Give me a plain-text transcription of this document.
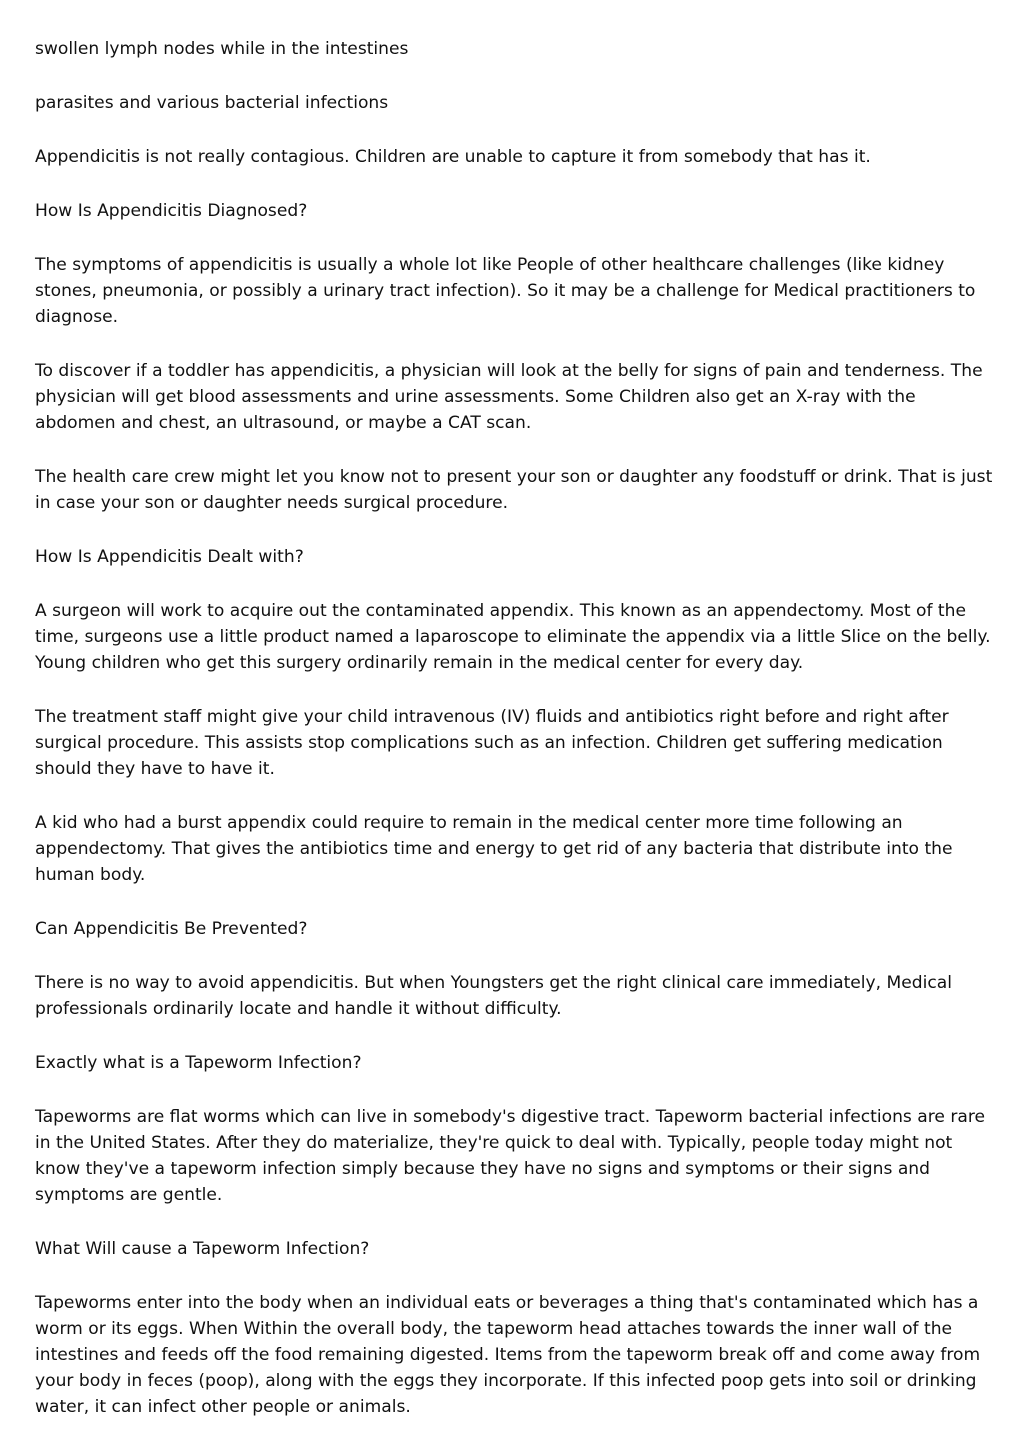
swollen lymph nodes while in the intestines

parasites and various bacterial infections

Appendicitis is not really contagious. Children are unable to capture it from somebody that has it.

How Is Appendicitis Diagnosed?

The symptoms of appendicitis is usually a whole lot like People of other healthcare challenges (like kidney stones, pneumonia, or possibly a urinary tract infection). So it may be a challenge for Medical practitioners to diagnose.

To discover if a toddler has appendicitis, a physician will look at the belly for signs of pain and tenderness. The physician will get blood assessments and urine assessments. Some Children also get an X-ray with the abdomen and chest, an ultrasound, or maybe a CAT scan.

The health care crew might let you know not to present your son or daughter any foodstuff or drink. That is just in case your son or daughter needs surgical procedure.

How Is Appendicitis Dealt with?

A surgeon will work to acquire out the contaminated appendix. This known as an appendectomy. Most of the time, surgeons use a little product named a laparoscope to eliminate the appendix via a little Slice on the belly. Young children who get this surgery ordinarily remain in the medical center for every day.

The treatment staff might give your child intravenous (IV) fluids and antibiotics right before and right after surgical procedure. This assists stop complications such as an infection. Children get suffering medication should they have to have it.

A kid who had a burst appendix could require to remain in the medical center more time following an appendectomy. That gives the antibiotics time and energy to get rid of any bacteria that distribute into the human body.

Can Appendicitis Be Prevented?

There is no way to avoid appendicitis. But when Youngsters get the right clinical care immediately, Medical professionals ordinarily locate and handle it without difficulty.

Exactly what is a Tapeworm Infection?

Tapeworms are flat worms which can live in somebody's digestive tract. Tapeworm bacterial infections are rare in the United States. After they do materialize, they're quick to deal with. Typically, people today might not know they've a tapeworm infection simply because they have no signs and symptoms or their signs and symptoms are gentle.

What Will cause a Tapeworm Infection?

Tapeworms enter into the body when an individual eats or beverages a thing that's contaminated which has a worm or its eggs. When Within the overall body, the tapeworm head attaches towards the inner wall of the intestines and feeds off the food remaining digested. Items from the tapeworm break off and come away from your body in feces (poop), along with the eggs they incorporate. If this infected poop gets into soil or drinking water, it can infect other people or animals.
